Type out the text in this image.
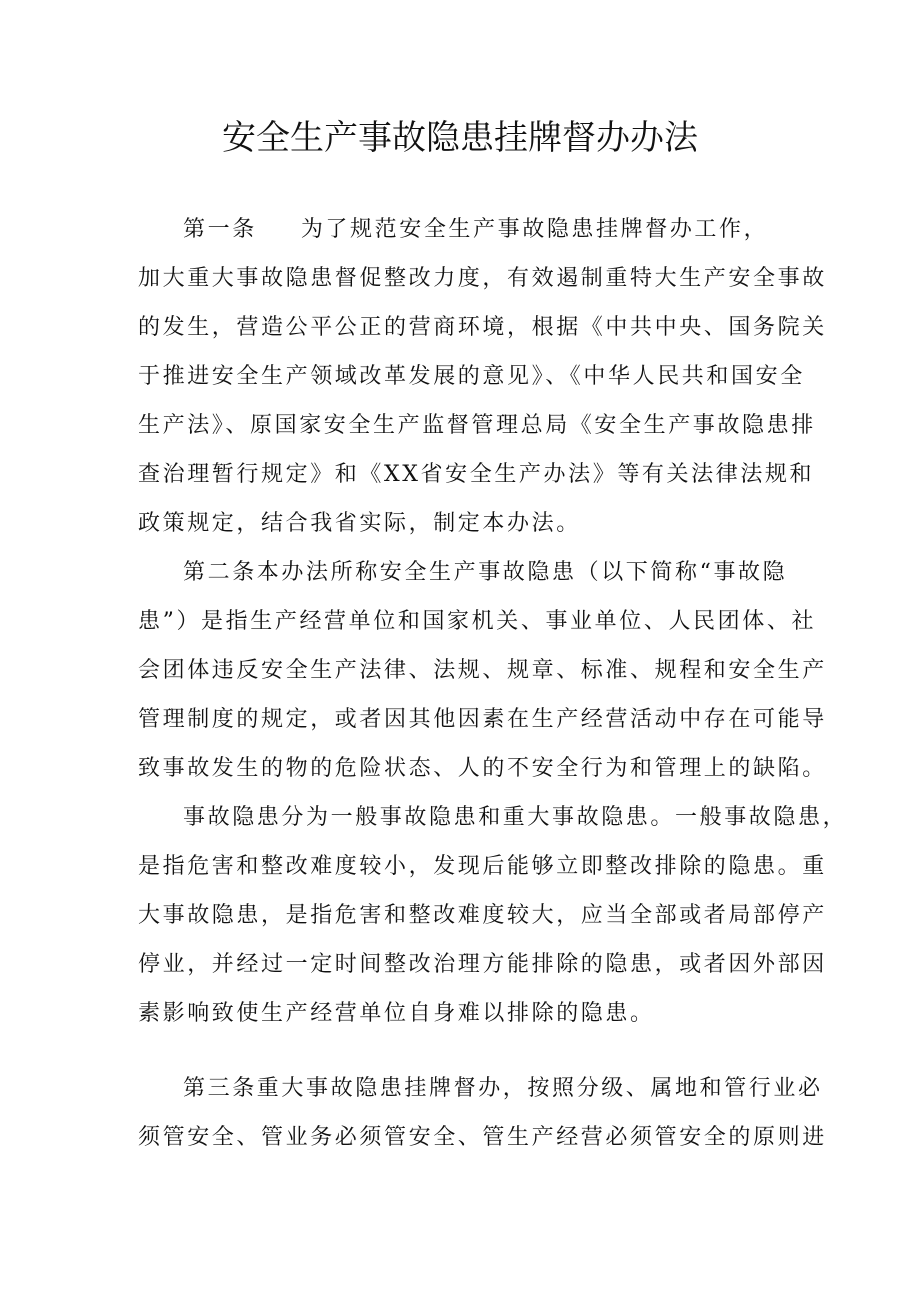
安全生产事故隐患挂牌督办办法
第一条 为了规范安全生产事故隐患挂牌督办工作，
加大重大事故隐患督促整改力度，有效遏制重特大生产安全事故
的发生，营造公平公正的营商环境，根据《中共中央、国务院关
于推进安全生产领域改革发展的意见》、《中华人民共和国安全
生产法》、原国家安全生产监督管理总局《安全生产事故隐患排
查治理暂行规定》和《XX省安全生产办法》等有关法律法规和
政策规定，结合我省实际，制定本办法。
第二条本办法所称安全生产事故隐患（以下简称“事故隐
患”）是指生产经营单位和国家机关、事业单位、人民团体、社
会团体违反安全生产法律、法规、规章、标准、规程和安全生产
管理制度的规定，或者因其他因素在生产经营活动中存在可能导
致事故发生的物的危险状态、人的不安全行为和管理上的缺陷。
事故隐患分为一般事故隐患和重大事故隐患。一般事故隐患，
是指危害和整改难度较小，发现后能够立即整改排除的隐患。重
大事故隐患，是指危害和整改难度较大，应当全部或者局部停产
停业，并经过一定时间整改治理方能排除的隐患，或者因外部因
素影响致使生产经营单位自身难以排除的隐患。
第三条重大事故隐患挂牌督办，按照分级、属地和管行业必
须管安全、管业务必须管安全、管生产经营必须管安全的原则进
